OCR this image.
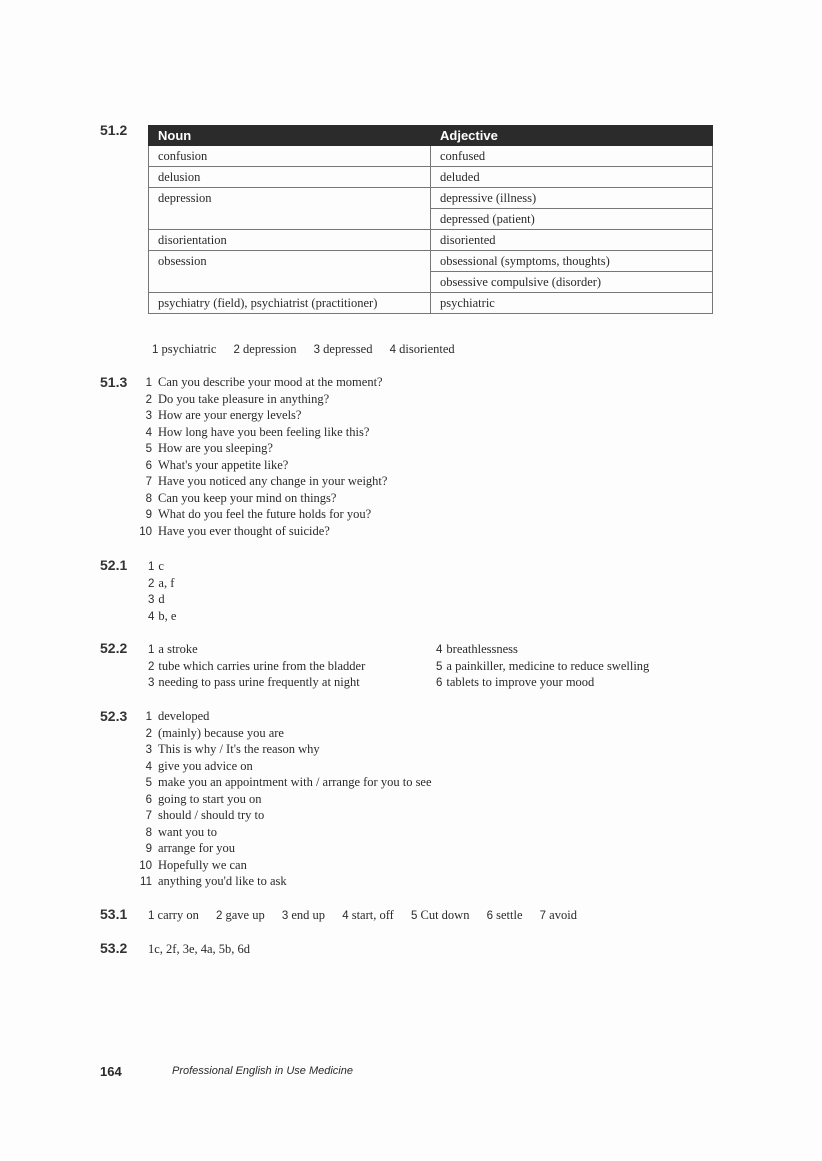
51.2 Noun	Adjective
confusion	confused
delusion	deluded
depression	depressive (illness)
	depressed (patient)
disorientation	disoriented
obsession	obsessional (symptoms, thoughts)
	obsessive compulsive (disorder)
psychiatry (field), psychiatrist (practitioner)	psychiatric
1 psychiatric 2 depression 3 depressed 4 disoriented
51.3	1 Can you describe your mood at the moment?
2 Do you take pleasure in anything?
3 How are your energy levels?
4 How long have you been feeling like this?
5 How are you sleeping?
6 What's your appetite like?
7 Have you noticed any change in your weight?
8 Can you keep your mind on things?
9 What do you feel the future holds for you?
10 Have you ever thought of suicide?
52.1 1 c
2 a, f
3 d
4 b, e
52.2 1 a stroke
2 tube which carries urine from the bladder
3 needing to pass urine frequently at night
4 breathlessness
5 a painkiller, medicine to reduce swelling
6 tablets to improve your mood
52.3	1 developed
2 (mainly) because you are
3 This is why / It's the reason why
4 give you advice on
5 make you an appointment with / arrange for you to see
6 going to start you on
7 should / should try to
8 want you to
9 arrange for you
10 Hopefully we can
11 anything you'd like to ask
53.1 1 carry on 2 gave up 3 end up 4 start, off 5 Cut down 6 settle 7 avoid
53.2 1c, 2f, 3e, 4a, 5b, 6d
164	Professional English in Use Medicine
